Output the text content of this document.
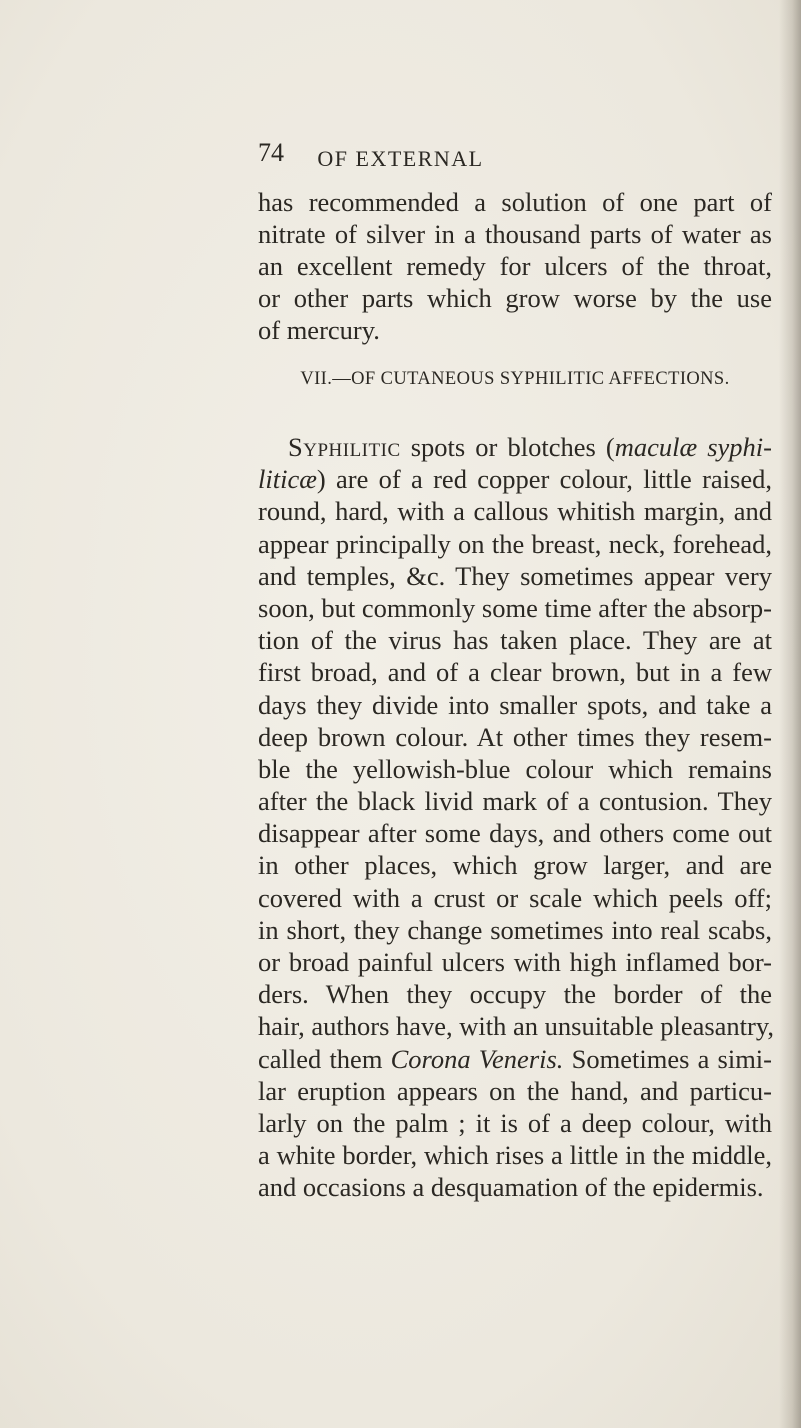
74	OF EXTERNAL
has recommended a solution of one part of
nitrate of silver in a thousand parts of water as
an excellent remedy for ulcers of the throat,
or other parts which grow worse by the use
of mercury.
VII.—OF CUTANEOUS SYPHILITIC AFFECTIONS.
Syphilitic spots or blotches (maculæ syphi-
liticæ) are of a red copper colour, little raised,
round, hard, with a callous whitish margin, and
appear principally on the breast, neck, forehead,
and temples, &c. They sometimes appear very
soon, but commonly some time after the absorp-
tion of the virus has taken place. They are at
first broad, and of a clear brown, but in a few
days they divide into smaller spots, and take a
deep brown colour. At other times they resem-
ble the yellowish-blue colour which remains
after the black livid mark of a contusion. They
disappear after some days, and others come out
in other places, which grow larger, and are
covered with a crust or scale which peels off;
in short, they change sometimes into real scabs,
or broad painful ulcers with high inflamed bor-
ders. When they occupy the border of the
hair, authors have, with an unsuitable pleasantry,
called them Corona Veneris. Sometimes a simi-
lar eruption appears on the hand, and particu-
larly on the palm ; it is of a deep colour, with
a white border, which rises a little in the middle,
and occasions a desquamation of the epidermis.
